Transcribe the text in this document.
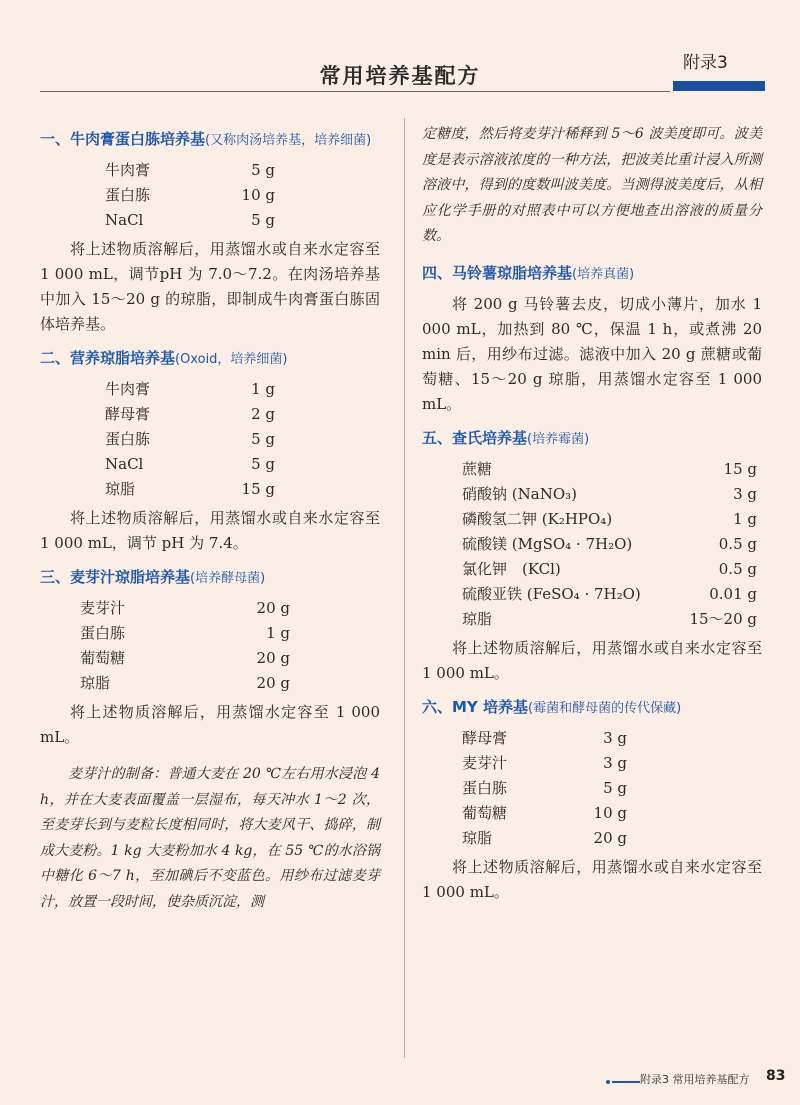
常用培养基配方
附录3
一、牛肉膏蛋白胨培养基(又称肉汤培养基，培养细菌)
牛肉膏	5 g
蛋白胨	10 g
NaCl	5 g

将上述物质溶解后，用蒸馏水或自来水定容至 1 000 mL，调节pH 为 7.0～7.2。在肉汤培养基中加入 15～20 g 的琼脂，即制成牛肉膏蛋白胨固体培养基。

二、营养琼脂培养基(Oxoid，培养细菌)
牛肉膏	1 g
酵母膏	2 g
蛋白胨	5 g
NaCl	5 g
琼脂	15 g

将上述物质溶解后，用蒸馏水或自来水定容至 1 000 mL，调节 pH 为 7.4。

三、麦芽汁琼脂培养基(培养酵母菌)
麦芽汁	20 g
蛋白胨	1 g
葡萄糖	20 g
琼脂	20 g

将上述物质溶解后，用蒸馏水定容至 1 000 mL。

麦芽汁的制备：普通大麦在 20 ℃左右用水浸泡 4 h，并在大麦表面覆盖一层湿布，每天冲水 1～2 次，至麦芽长到与麦粒长度相同时，将大麦风干、捣碎，制成大麦粉。1 kg 大麦粉加水 4 kg，在 55 ℃的水浴锅中糖化 6～7 h，至加碘后不变蓝色。用纱布过滤麦芽汁，放置一段时间，使杂质沉淀，测

定糖度，然后将麦芽汁稀释到 5～6 波美度即可。波美度是表示溶液浓度的一种方法，把波美比重计浸入所测溶液中，得到的度数叫波美度。当测得波美度后，从相应化学手册的对照表中可以方便地查出溶液的质量分数。

四、马铃薯琼脂培养基(培养真菌)

将 200 g 马铃薯去皮，切成小薄片，加水 1 000 mL，加热到 80 ℃，保温 1 h，或煮沸 20 min 后，用纱布过滤。滤液中加入 20 g 蔗糖或葡萄糖、15～20 g 琼脂，用蒸馏水定容至 1 000 mL。

五、查氏培养基(培养霉菌)
蔗糖	15 g
硝酸钠 (NaNO₃)	3 g
磷酸氢二钾 (K₂HPO₄)	1 g
硫酸镁 (MgSO₄ · 7H₂O)	0.5 g
氯化钾　(KCl)	0.5 g
硫酸亚铁 (FeSO₄ · 7H₂O)	0.01 g
琼脂	15～20 g

将上述物质溶解后，用蒸馏水或自来水定容至 1 000 mL。

六、MY 培养基(霉菌和酵母菌的传代保藏)
酵母膏	3 g
麦芽汁	3 g
蛋白胨	5 g
葡萄糖	10 g
琼脂	20 g

将上述物质溶解后，用蒸馏水或自来水定容至 1 000 mL。

附录3 常用培养基配方 83
